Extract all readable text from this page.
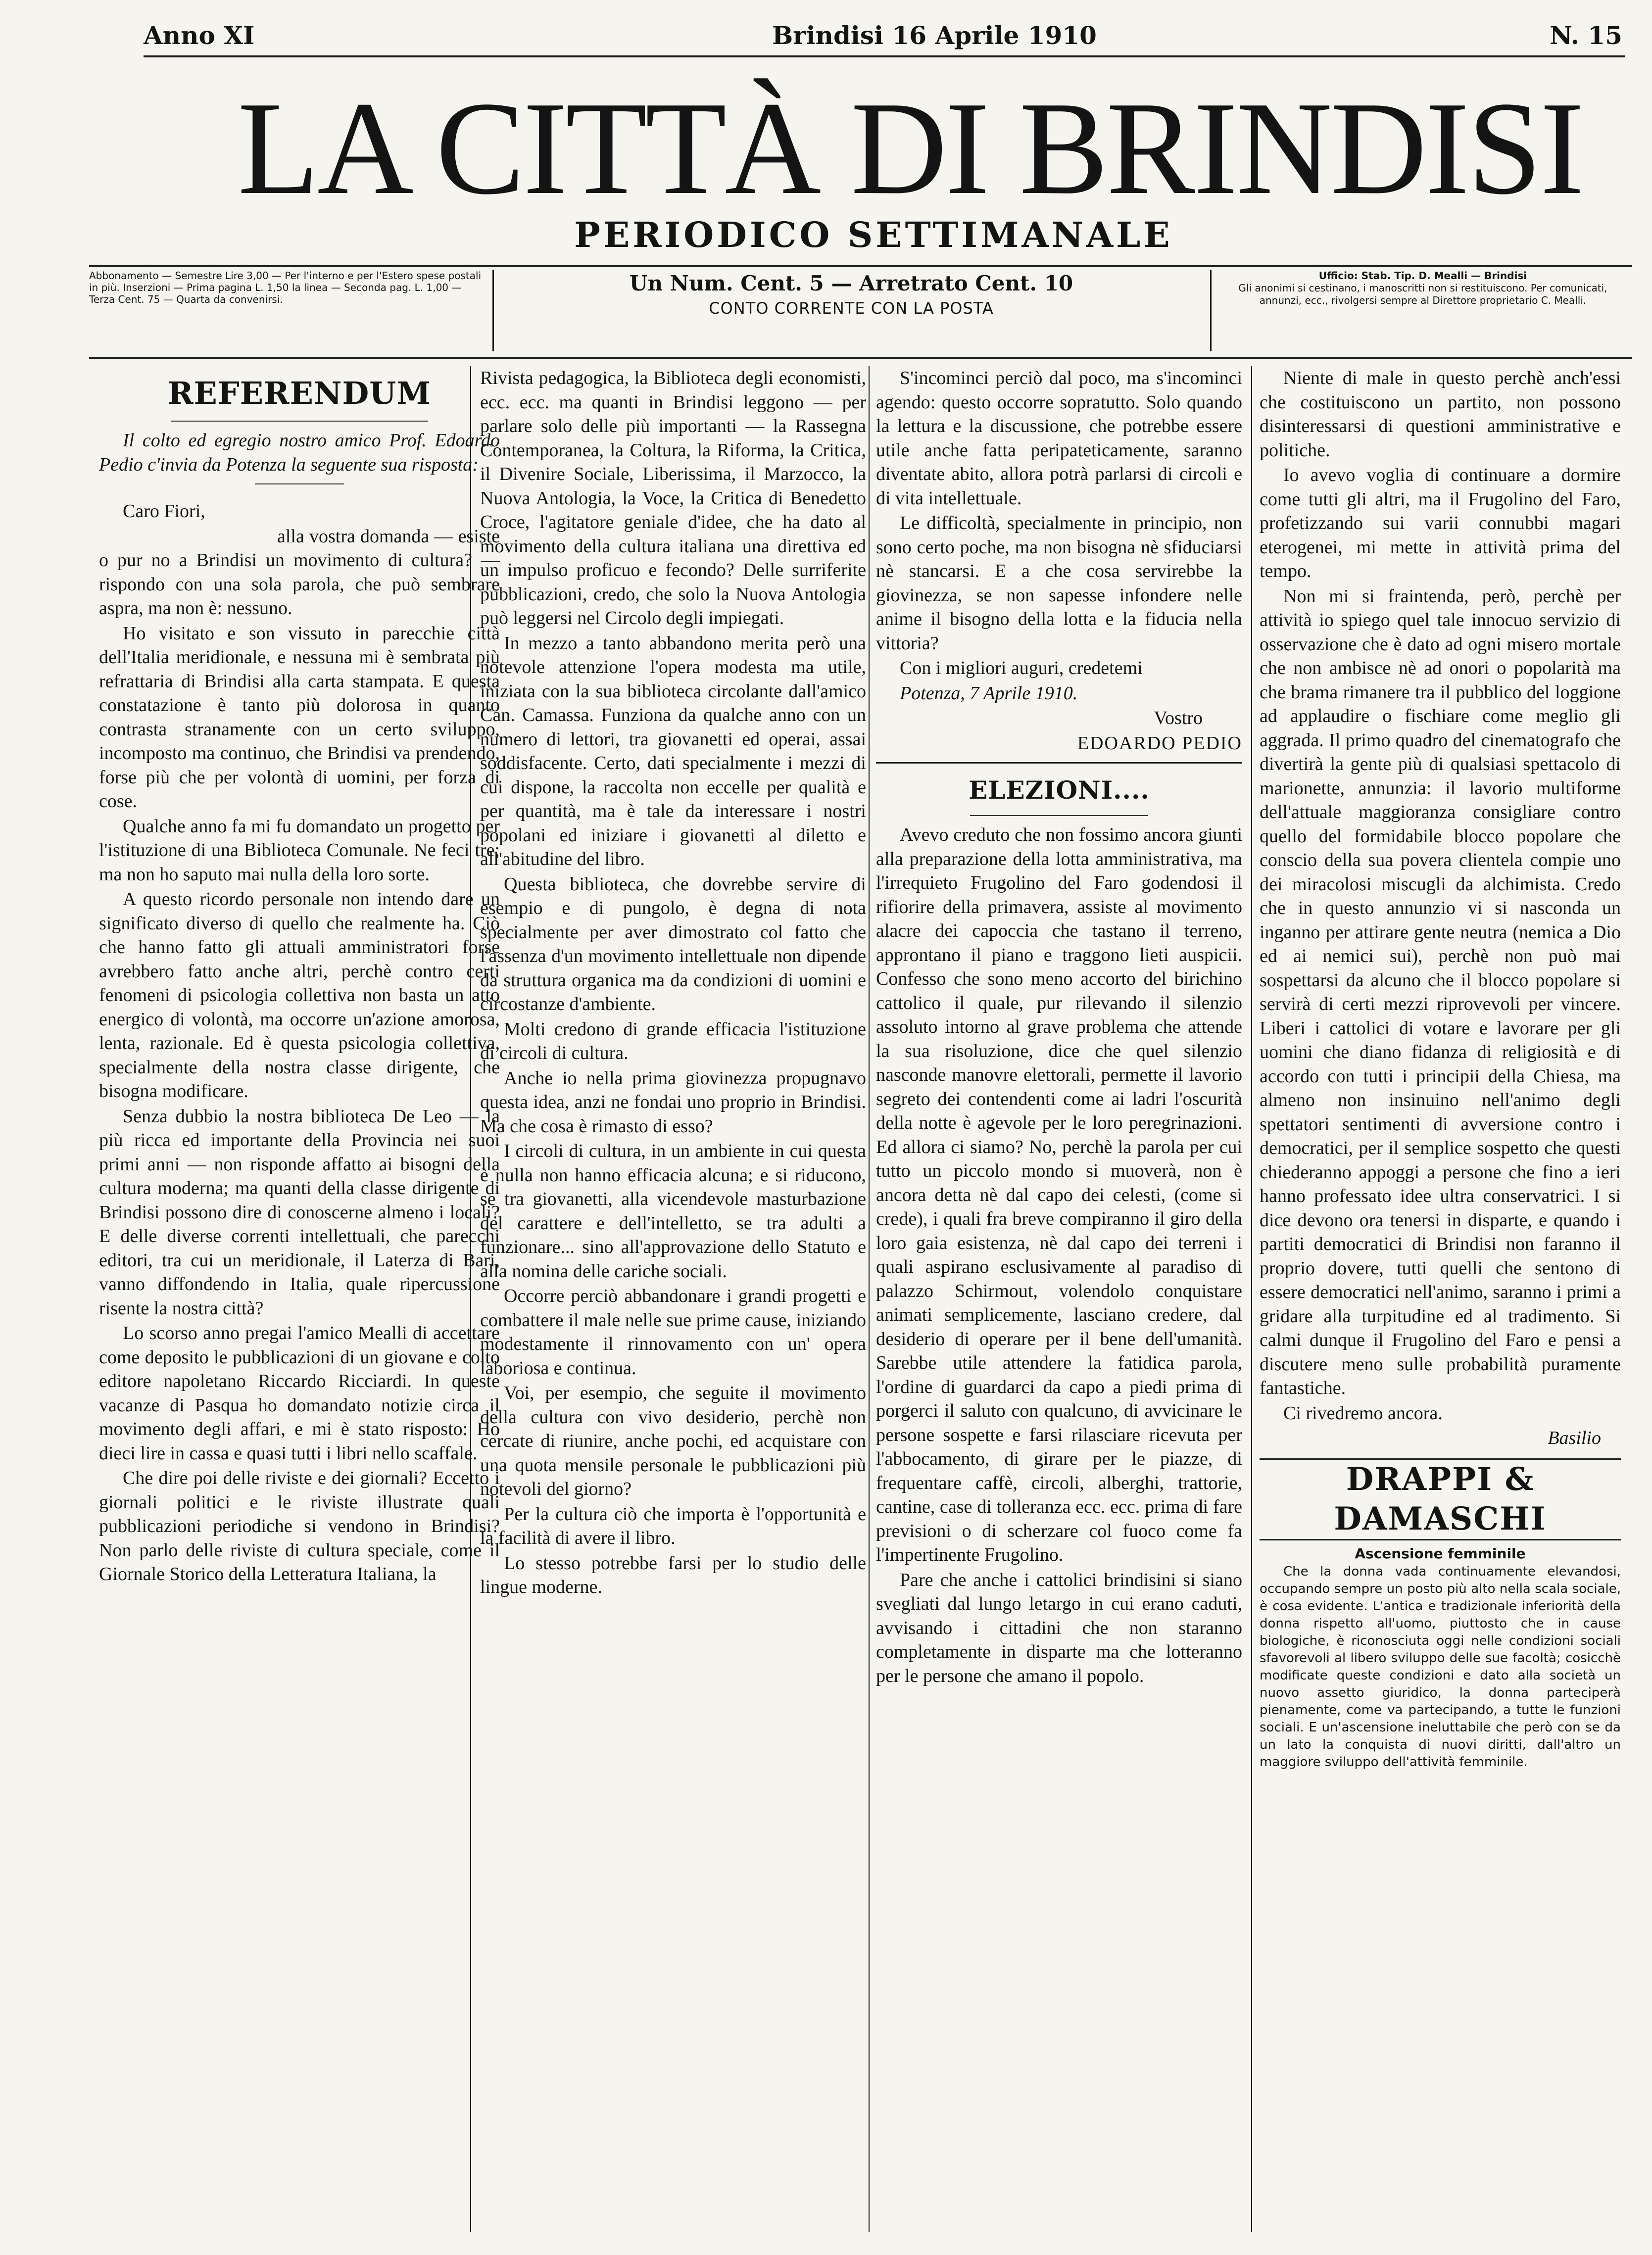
Anno XI	Brindisi 16 Aprile 1910	N. 15
LA CITTÀ DI BRINDISI
PERIODICO SETTIMANALE
Abbonamento — Semestre Lire 3,00 — Per l'interno e per l'Estero spese postali in più. Inserzioni — Prima pagina L. 1,50 la linea — Seconda pag. L. 1,00 — Terza Cent. 75 — Quarta da convenirsi.
Un Num. Cent. 5 — Arretrato Cent. 10
CONTO CORRENTE CON LA POSTA
Ufficio: Stab. Tip. D. Mealli — Brindisi
Gli anonimi si cestinano, i manoscritti non si restituiscono. Per comunicati, annunzi, ecc., rivolgersi sempre al Direttore proprietario C. Mealli.
REFERENDUM

Il colto ed egregio nostro amico Prof. Edoardo Pedio c'invia da Potenza la seguente sua risposta:

Caro Fiori,

alla vostra domanda — esiste o pur no a Brindisi un movimento di cultura? — rispondo con una sola parola, che può sembrare aspra, ma non è: nessuno.

Ho visitato e son vissuto in parecchie città dell'Italia meridionale, e nessuna mi è sembrata più refrattaria di Brindisi alla carta stampata. E questa constatazione è tanto più dolorosa in quanto contrasta stranamente con un certo sviluppo, incomposto ma continuo, che Brindisi va prendendo, forse più che per volontà di uomini, per forza di cose.

Qualche anno fa mi fu domandato un progetto per l'istituzione di una Biblioteca Comunale. Ne feci tre; ma non ho saputo mai nulla della loro sorte.

A questo ricordo personale non intendo dare un significato diverso di quello che realmente ha. Ciò che hanno fatto gli attuali amministratori forse avrebbero fatto anche altri, perchè contro certi fenomeni di psicologia collettiva non basta un atto energico di volontà, ma occorre un'azione amorosa, lenta, razionale. Ed è questa psicologia collettiva, specialmente della nostra classe dirigente, che bisogna modificare.

Senza dubbio la nostra biblioteca De Leo — la più ricca ed importante della Provincia nei suoi primi anni — non risponde affatto ai bisogni della cultura moderna; ma quanti della classe dirigente di Brindisi possono dire di conoscerne almeno i locali? E delle diverse correnti intellettuali, che parecchi editori, tra cui un meridionale, il Laterza di Bari, vanno diffondendo in Italia, quale ripercussione risente la nostra città?

Lo scorso anno pregai l'amico Mealli di accettare come deposito le pubblicazioni di un giovane e colto editore napoletano Riccardo Ricciardi. In queste vacanze di Pasqua ho domandato notizie circa il movimento degli affari, e mi è stato risposto: Ho dieci lire in cassa e quasi tutti i libri nello scaffale.

Che dire poi delle riviste e dei giornali? Eccetto i giornali politici e le riviste illustrate quali pubblicazioni periodiche si vendono in Brindisi? Non parlo delle riviste di cultura speciale, come il Giornale Storico della Letteratura Italiana, la

Rivista pedagogica, la Biblioteca degli economisti, ecc. ecc. ma quanti in Brindisi leggono — per parlare solo delle più importanti — la Rassegna Contemporanea, la Coltura, la Riforma, la Critica, il Divenire Sociale, Liberissima, il Marzocco, la Nuova Antologia, la Voce, la Critica di Benedetto Croce, l'agitatore geniale d'idee, che ha dato al movimento della cultura italiana una direttiva ed un impulso proficuo e fecondo? Delle surriferite pubblicazioni, credo, che solo la Nuova Antologia può leggersi nel Circolo degli impiegati.

In mezzo a tanto abbandono merita però una notevole attenzione l'opera modesta ma utile, iniziata con la sua biblioteca circolante dall'amico Can. Camassa. Funziona da qualche anno con un numero di lettori, tra giovanetti ed operai, assai soddisfacente. Certo, dati specialmente i mezzi di cui dispone, la raccolta non eccelle per qualità e per quantità, ma è tale da interessare i nostri popolani ed iniziare i giovanetti al diletto e all'abitudine del libro.

Questa biblioteca, che dovrebbe servire di esempio e di pungolo, è degna di nota specialmente per aver dimostrato col fatto che l'assenza d'un movimento intellettuale non dipende da struttura organica ma da condizioni di uomini e circostanze d'ambiente.

Molti credono di grande efficacia l'istituzione di circoli di cultura.

Anche io nella prima giovinezza propugnavo questa idea, anzi ne fondai uno proprio in Brindisi. Ma che cosa è rimasto di esso?

I circoli di cultura, in un ambiente in cui questa è nulla non hanno efficacia alcuna; e si riducono, se tra giovanetti, alla vicendevole masturbazione del carattere e dell'intelletto, se tra adulti a funzionare... sino all'approvazione dello Statuto e alla nomina delle cariche sociali.

Occorre perciò abbandonare i grandi progetti e combattere il male nelle sue prime cause, iniziando modestamente il rinnovamento con un' opera laboriosa e continua.

Voi, per esempio, che seguite il movimento della cultura con vivo desiderio, perchè non cercate di riunire, anche pochi, ed acquistare con una quota mensile personale le pubblicazioni più notevoli del giorno?

Per la cultura ciò che importa è l'opportunità e la facilità di avere il libro.

Lo stesso potrebbe farsi per lo studio delle lingue moderne.

S'incominci perciò dal poco, ma s'incominci agendo: questo occorre sopratutto. Solo quando la lettura e la discussione, che potrebbe essere utile anche fatta peripateticamente, saranno diventate abito, allora potrà parlarsi di circoli e di vita intellettuale.

Le difficoltà, specialmente in principio, non sono certo poche, ma non bisogna nè sfiduciarsi nè stancarsi. E a che cosa servirebbe la giovinezza, se non sapesse infondere nelle anime il bisogno della lotta e la fiducia nella vittoria?

Con i migliori auguri, credetemi

Potenza, 7 Aprile 1910.

Vostro

EDOARDO PEDIO

ELEZIONI....

Avevo creduto che non fossimo ancora giunti alla preparazione della lotta amministrativa, ma l'irrequieto Frugolino del Faro godendosi il rifiorire della primavera, assiste al movimento alacre dei capoccia che tastano il terreno, approntano il piano e traggono lieti auspicii. Confesso che sono meno accorto del birichino cattolico il quale, pur rilevando il silenzio assoluto intorno al grave problema che attende la sua risoluzione, dice che quel silenzio nasconde manovre elettorali, permette il lavorio segreto dei contendenti come ai ladri l'oscurità della notte è agevole per le loro peregrinazioni. Ed allora ci siamo? No, perchè la parola per cui tutto un piccolo mondo si muoverà, non è ancora detta nè dal capo dei celesti, (come si crede), i quali fra breve compiranno il giro della loro gaia esistenza, nè dal capo dei terreni i quali aspirano esclusivamente al paradiso di palazzo Schirmout, volendolo conquistare animati semplicemente, lasciano credere, dal desiderio di operare per il bene dell'umanità. Sarebbe utile attendere la fatidica parola, l'ordine di guardarci da capo a piedi prima di porgerci il saluto con qualcuno, di avvicinare le persone sospette e farsi rilasciare ricevuta per l'abbocamento, di girare per le piazze, di frequentare caffè, circoli, alberghi, trattorie, cantine, case di tolleranza ecc. ecc. prima di fare previsioni o di scherzare col fuoco come fa l'impertinente Frugolino.

Pare che anche i cattolici brindisini si siano svegliati dal lungo letargo in cui erano caduti, avvisando i cittadini che non staranno completamente in disparte ma che lotteranno per le persone che amano il popolo.

Niente di male in questo perchè anch'essi che costituiscono un partito, non possono disinteressarsi di questioni amministrative e politiche.

Io avevo voglia di continuare a dormire come tutti gli altri, ma il Frugolino del Faro, profetizzando sui varii connubbi magari eterogenei, mi mette in attività prima del tempo.

Non mi si fraintenda, però, perchè per attività io spiego quel tale innocuo servizio di osservazione che è dato ad ogni misero mortale che non ambisce nè ad onori o popolarità ma che brama rimanere tra il pubblico del loggione ad applaudire o fischiare come meglio gli aggrada. Il primo quadro del cinematografo che divertirà la gente più di qualsiasi spettacolo di marionette, annunzia: il lavorio multiforme dell'attuale maggioranza consigliare contro quello del formidabile blocco popolare che conscio della sua povera clientela compie uno dei miracolosi miscugli da alchimista. Credo che in questo annunzio vi si nasconda un inganno per attirare gente neutra (nemica a Dio ed ai nemici sui), perchè non può mai sospettarsi da alcuno che il blocco popolare si servirà di certi mezzi riprovevoli per vincere. Liberi i cattolici di votare e lavorare per gli uomini che diano fidanza di religiosità e di accordo con tutti i principii della Chiesa, ma almeno non insinuino nell'animo degli spettatori sentimenti di avversione contro i democratici, per il semplice sospetto che questi chiederanno appoggi a persone che fino a ieri hanno professato idee ultra conservatrici. I si dice devono ora tenersi in disparte, e quando i partiti democratici di Brindisi non faranno il proprio dovere, tutti quelli che sentono di essere democratici nell'animo, saranno i primi a gridare alla turpitudine ed al tradimento. Si calmi dunque il Frugolino del Faro e pensi a discutere meno sulle probabilità puramente fantastiche.

Ci rivedremo ancora.

Basilio

DRAPPI & DAMASCHI
Ascensione femminile

Che la donna vada continuamente elevandosi, occupando sempre un posto più alto nella scala sociale, è cosa evidente. L'antica e tradizionale inferiorità della donna rispetto all'uomo, piuttosto che in cause biologiche, è riconosciuta oggi nelle condizioni sociali sfavorevoli al libero sviluppo delle sue facoltà; cosicchè modificate queste condizioni e dato alla società un nuovo assetto giuridico, la donna parteciperà pienamente, come va partecipando, a tutte le funzioni sociali. E un'ascensione ineluttabile che però con se da un lato la conquista di nuovi diritti, dall'altro un maggiore sviluppo dell'attività femminile.
